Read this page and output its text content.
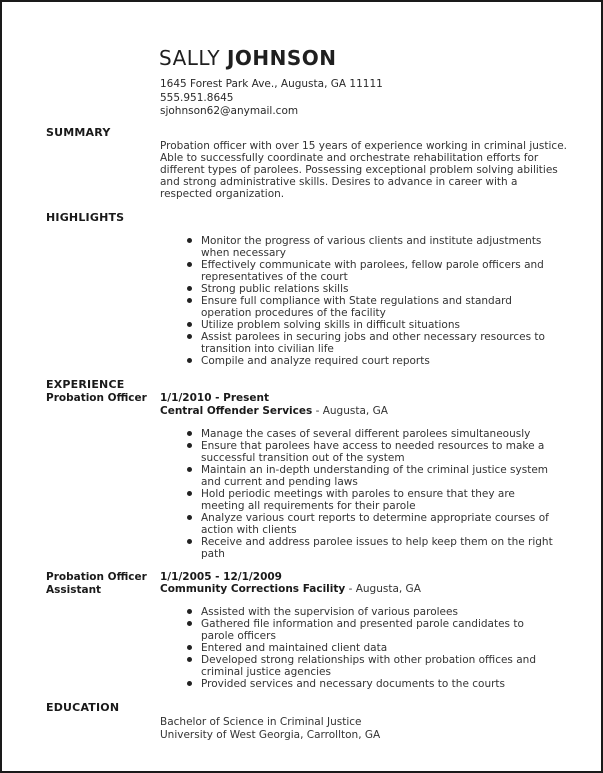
SALLY JOHNSON
1645 Forest Park Ave., Augusta, GA 11111
555.951.8645
sjohnson62@anymail.com
SUMMARY
Probation officer with over 15 years of experience working in criminal justice. Able to successfully coordinate and orchestrate rehabilitation efforts for different types of parolees. Possessing exceptional problem solving abilities and strong administrative skills. Desires to advance in career with a respected organization.
HIGHLIGHTS
Monitor the progress of various clients and institute adjustments when necessary
Effectively communicate with parolees, fellow parole officers and representatives of the court
Strong public relations skills
Ensure full compliance with State regulations and standard operation procedures of the facility
Utilize problem solving skills in difficult situations
Assist parolees in securing jobs and other necessary resources to transition into civilian life
Compile and analyze required court reports
EXPERIENCE
Probation Officer	1/1/2010 - Present
Central Offender Services - Augusta, GA
Manage the cases of several different parolees simultaneously
Ensure that parolees have access to needed resources to make a successful transition out of the system
Maintain an in-depth understanding of the criminal justice system and current and pending laws
Hold periodic meetings with paroles to ensure that they are meeting all requirements for their parole
Analyze various court reports to determine appropriate courses of action with clients
Receive and address parolee issues to help keep them on the right path
Probation Officer Assistant
1/1/2005 - 12/1/2009
Community Corrections Facility - Augusta, GA
Assisted with the supervision of various parolees
Gathered file information and presented parole candidates to parole officers
Entered and maintained client data
Developed strong relationships with other probation offices and criminal justice agencies
Provided services and necessary documents to the courts
EDUCATION
Bachelor of Science in Criminal Justice
University of West Georgia, Carrollton, GA
